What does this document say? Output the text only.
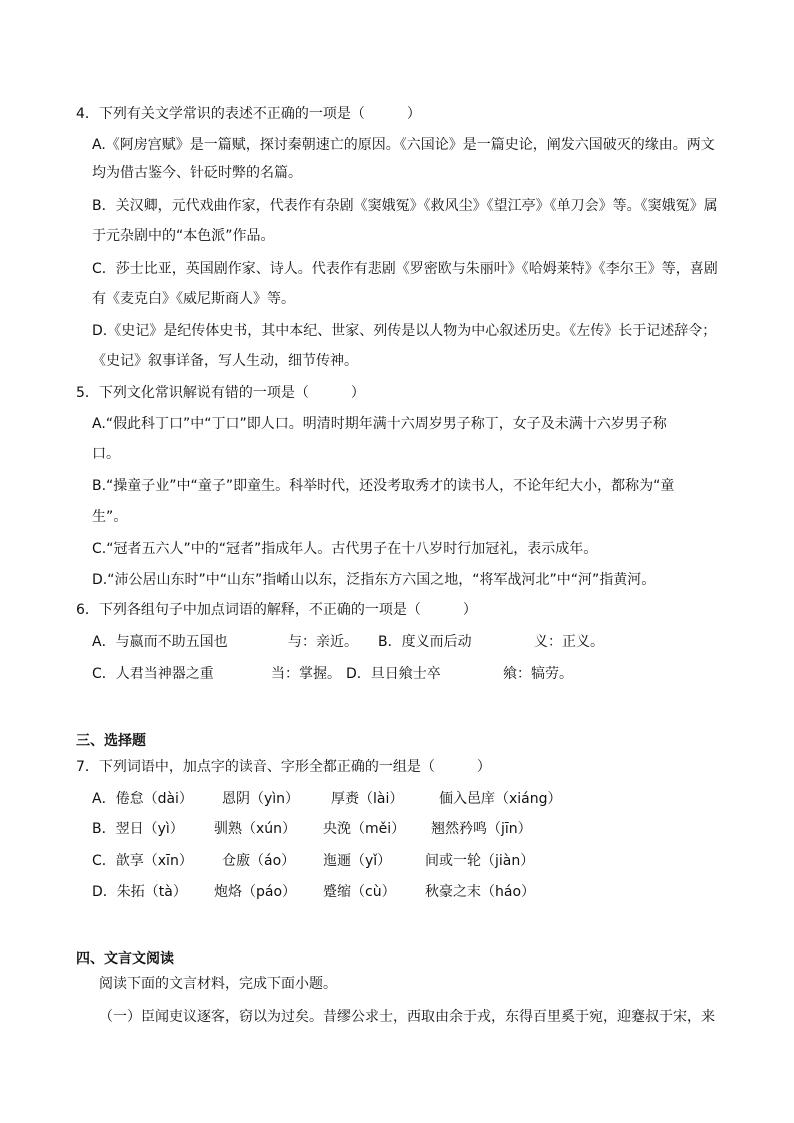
4．下列有关文学常识的表述不正确的一项是（　　　）
A.《阿房宫赋》是一篇赋，探讨秦朝速亡的原因。《六国论》是一篇史论，阐发六国破灭的缘由。两文
均为借古鉴今、针砭时弊的名篇。
B．关汉卿，元代戏曲作家，代表作有杂剧《窦娥冤》《救风尘》《望江亭》《单刀会》等。《窦娥冤》属
于元杂剧中的“本色派”作品。
C．莎士比亚，英国剧作家、诗人。代表作有悲剧《罗密欧与朱丽叶》《哈姆莱特》《李尔王》等，喜剧
有《麦克白》《威尼斯商人》等。
D.《史记》是纪传体史书，其中本纪、世家、列传是以人物为中心叙述历史。《左传》长于记述辞令；
《史记》叙事详备，写人生动，细节传神。
5．下列文化常识解说有错的一项是（　　　）
A.“假此科丁口”中“丁口”即人口。明清时期年满十六周岁男子称丁，女子及未满十六岁男子称
口。
B.“操童子业”中“童子”即童生。科举时代，还没考取秀才的读书人，不论年纪大小，都称为“童
生”。
C.“冠者五六人”中的“冠者”指成年人。古代男子在十八岁时行加冠礼，表示成年。
D.“沛公居山东时”中“山东”指崤山以东，泛指东方六国之地，“将军战河北”中“河”指黄河。
6．下列各组句子中加点词语的解释，不正确的一项是（　　　）
A．与嬴而不助五国也	与：亲近。 B．度义而后动	义：正义。
C．人君当神器之重	当：掌握。 D．旦日飨士卒	飨：犒劳。
三、选择题
7．下列词语中，加点字的读音、字形全都正确的一组是（　　　）
A．倦怠（dài） 恩阴（yìn） 厚赉（lài）	偭入邑庠（xiáng）
B．翌日（yì） 驯熟（xún） 央浼（měi） 翘然矜鸣（jīn）
C．歆享（xīn） 仓廒（áo） 迤逦（yǐ） 间或一轮（jiàn）
D．朱拓（tà） 炮烙（páo） 蹙缩（cù） 秋豪之末（háo）
四、文言文阅读
阅读下面的文言材料，完成下面小题。
（一）臣闻吏议逐客，窃以为过矣。昔缪公求士，西取由余于戎，东得百里奚于宛，迎蹇叔于宋，来
